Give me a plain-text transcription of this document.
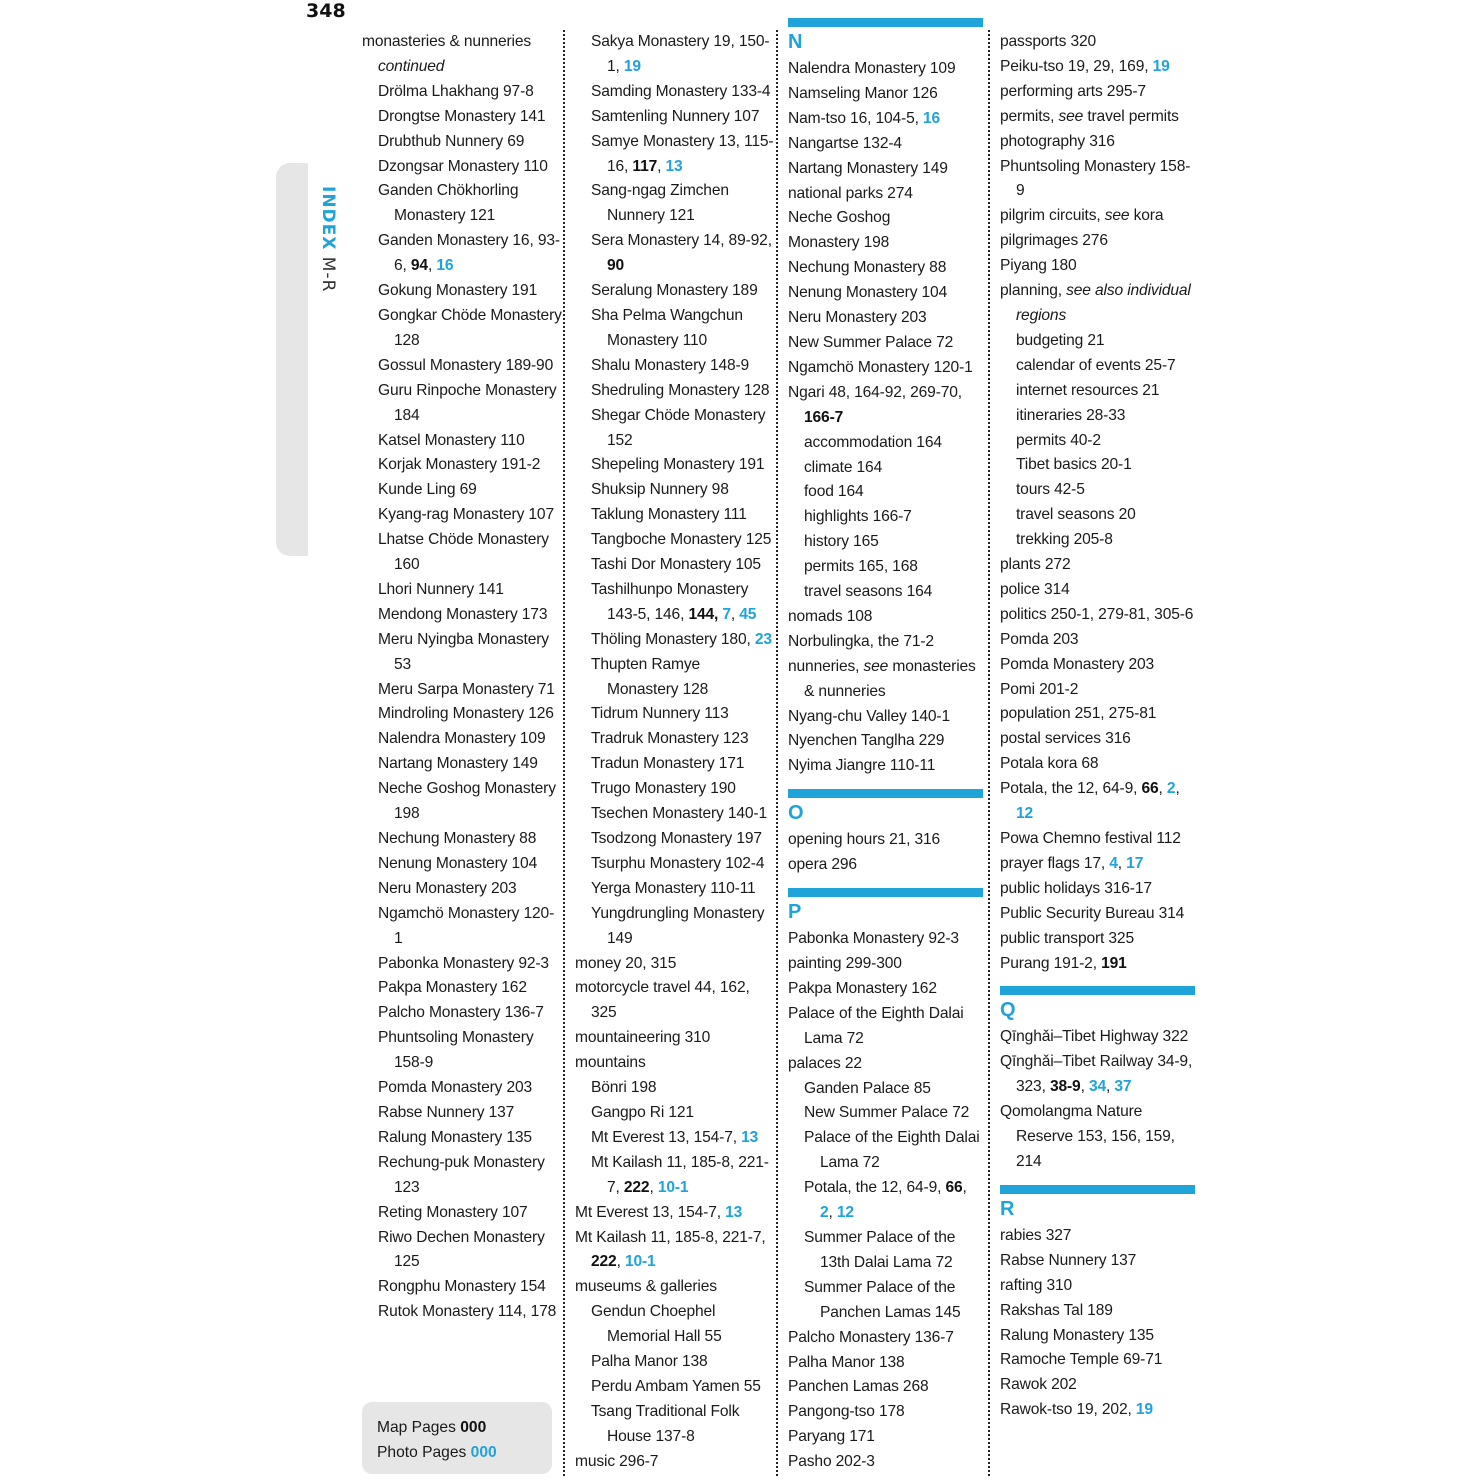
348
INDEX M-R
monasteries & nunneries continued
Drölma Lhakhang 97-8
Drongtse Monastery 141
Drubthub Nunnery 69
Dzongsar Monastery 110
Ganden Chökhorling Monastery 121
Ganden Monastery 16, 93-6, 94, 16
Gokung Monastery 191
Gongkar Chöde Monastery 128
Gossul Monastery 189-90
Guru Rinpoche Monastery 184
Katsel Monastery 110
Korjak Monastery 191-2
Kunde Ling 69
Kyang-rag Monastery 107
Lhatse Chöde Monastery 160
Lhori Nunnery 141
Mendong Monastery 173
Meru Nyingba Monastery 53
Meru Sarpa Monastery 71
Mindroling Monastery 126
Nalendra Monastery 109
Nartang Monastery 149
Neche Goshog Monastery 198
Nechung Monastery 88
Nenung Monastery 104
Neru Monastery 203
Ngamchö Monastery 120-1
Pabonka Monastery 92-3
Pakpa Monastery 162
Palcho Monastery 136-7
Phuntsoling Monastery 158-9
Pomda Monastery 203
Rabse Nunnery 137
Ralung Monastery 135
Rechung-puk Monastery 123
Reting Monastery 107
Riwo Dechen Monastery 125
Rongphu Monastery 154
Rutok Monastery 114, 178
Sakya Monastery 19, 150-1, 19
Samding Monastery 133-4
Samtenling Nunnery 107
Samye Monastery 13, 115-16, 117, 13
Sang-ngag Zimchen Nunnery 121
Sera Monastery 14, 89-92, 90
Seralung Monastery 189
Sha Pelma Wangchun Monastery 110
Shalu Monastery 148-9
Shedruling Monastery 128
Shegar Chöde Monastery 152
Shepeling Monastery 191
Shuksip Nunnery 98
Taklung Monastery 111
Tangboche Monastery 125
Tashi Dor Monastery 105
Tashilhunpo Monastery 143-5, 146, 144, 7, 45
Thöling Monastery 180, 23
Thupten Ramye Monastery 128
Tidrum Nunnery 113
Tradruk Monastery 123
Tradun Monastery 171
Trugo Monastery 190
Tsechen Monastery 140-1
Tsodzong Monastery 197
Tsurphu Monastery 102-4
Yerga Monastery 110-11
Yungdrungling Monastery 149
money 20, 315
motorcycle travel 44, 162, 325
mountaineering 310
mountains
Bönri 198
Gangpo Ri 121
Mt Everest 13, 154-7, 13
Mt Kailash 11, 185-8, 221-7, 222, 10-1
Mt Everest 13, 154-7, 13
Mt Kailash 11, 185-8, 221-7, 222, 10-1
museums & galleries
Gendun Choephel Memorial Hall 55
Palha Manor 138
Perdu Ambam Yamen 55
Tsang Traditional Folk House 137-8
music 296-7
N
Nalendra Monastery 109
Namseling Manor 126
Nam-tso 16, 104-5, 16
Nangartse 132-4
Nartang Monastery 149
national parks 274
Neche Goshog
Monastery 198
Nechung Monastery 88
Nenung Monastery 104
Neru Monastery 203
New Summer Palace 72
Ngamchö Monastery 120-1
Ngari 48, 164-92, 269-70, 166-7
accommodation 164
climate 164
food 164
highlights 166-7
history 165
permits 165, 168
travel seasons 164
nomads 108
Norbulingka, the 71-2
nunneries, see monasteries & nunneries
Nyang-chu Valley 140-1
Nyenchen Tanglha 229
Nyima Jiangre 110-11
O
opening hours 21, 316
opera 296
P
Pabonka Monastery 92-3
painting 299-300
Pakpa Monastery 162
Palace of the Eighth Dalai Lama 72
palaces 22
Ganden Palace 85
New Summer Palace 72
Palace of the Eighth Dalai Lama 72
Potala, the 12, 64-9, 66, 2, 12
Summer Palace of the 13th Dalai Lama 72
Summer Palace of the Panchen Lamas 145
Palcho Monastery 136-7
Palha Manor 138
Panchen Lamas 268
Pangong-tso 178
Paryang 171
Pasho 202-3
passports 320
Peiku-tso 19, 29, 169, 19
performing arts 295-7
permits, see travel permits
photography 316
Phuntsoling Monastery 158-9
pilgrim circuits, see kora
pilgrimages 276
Piyang 180
planning, see also individual regions
budgeting 21
calendar of events 25-7
internet resources 21
itineraries 28-33
permits 40-2
Tibet basics 20-1
tours 42-5
travel seasons 20
trekking 205-8
plants 272
police 314
politics 250-1, 279-81, 305-6
Pomda 203
Pomda Monastery 203
Pomi 201-2
population 251, 275-81
postal services 316
Potala kora 68
Potala, the 12, 64-9, 66, 2, 12
Powa Chemno festival 112
prayer flags 17, 4, 17
public holidays 316-17
Public Security Bureau 314
public transport 325
Purang 191-2, 191
Q
Qīnghǎi–Tibet Highway 322
Qīnghǎi–Tibet Railway 34-9, 323, 38-9, 34, 37
Qomolangma Nature Reserve 153, 156, 159, 214
R
rabies 327
Rabse Nunnery 137
rafting 310
Rakshas Tal 189
Ralung Monastery 135
Ramoche Temple 69-71
Rawok 202
Rawok-tso 19, 202, 19
Map Pages 000
Photo Pages 000
